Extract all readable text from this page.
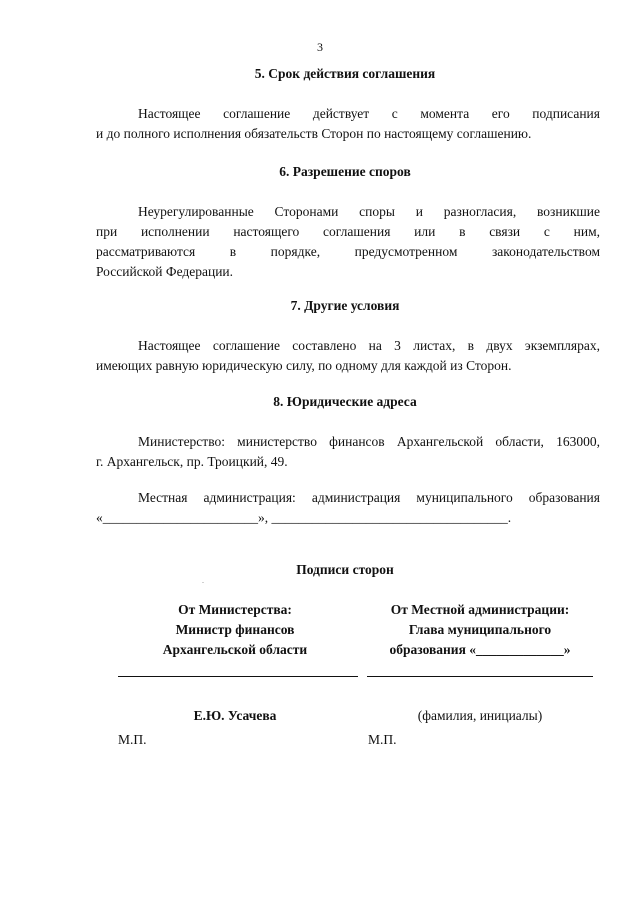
3
5. Срок действия соглашения
Настоящее соглашение действует с момента его подписания
и до полного исполнения обязательств Сторон по настоящему соглашению.
6. Разрешение споров
Неурегулированные Сторонами споры и разногласия, возникшие
при исполнении настоящего соглашения или в связи с ним,
рассматриваются в порядке, предусмотренном законодательством
Российской Федерации.
7. Другие условия
Настоящее соглашение составлено на 3 листах, в двух экземплярах,
имеющих равную юридическую силу, по одному для каждой из Сторон.
8. Юридические адреса
Министерство: министерство финансов Архангельской области, 163000,
г. Архангельск, пр. Троицкий, 49.
Местная администрация: администрация муниципального образования
«_______________________», ___________________________________.
Подписи сторон
.
От Министерства:
Министр финансов
Архангельской области
От Местной администрации:
Глава муниципального
образования «_____________»
Е.Ю. Усачева	(фамилия, инициалы)
М.П.	М.П.
